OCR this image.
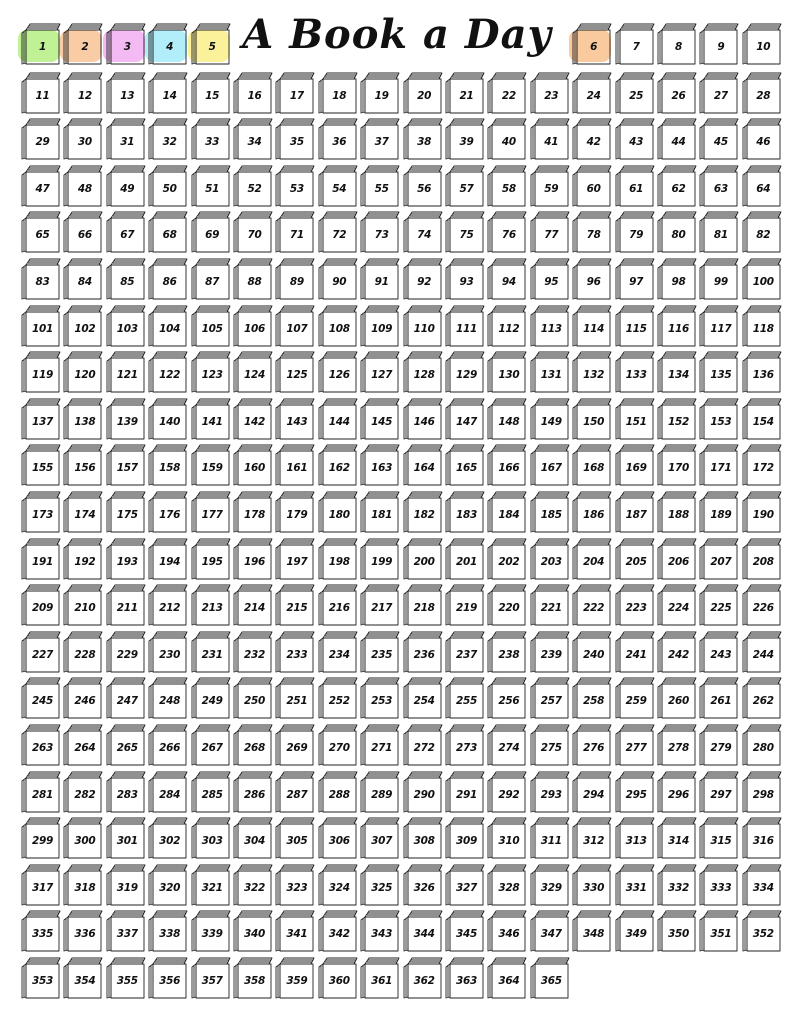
A Book a Day
1	2	3	4	5	6	7	8	9	10
11	12	13	14	15	16	17	18	19	20	21	22	23	24	25	26	27	28
29	30	31	32	33	34	35	36	37	38	39	40	41	42	43	44	45	46
47	48	49	50	51	52	53	54	55	56	57	58	59	60	61	62	63	64
65	66	67	68	69	70	71	72	73	74	75	76	77	78	79	80	81	82
83	84	85	86	87	88	89	90	91	92	93	94	95	96	97	98	99	100
101	102	103	104	105	106	107	108	109	110	111	112	113	114	115	116	117	118
119	120	121	122	123	124	125	126	127	128	129	130	131	132	133	134	135	136
137	138	139	140	141	142	143	144	145	146	147	148	149	150	151	152	153	154
155	156	157	158	159	160	161	162	163	164	165	166	167	168	169	170	171	172
173	174	175	176	177	178	179	180	181	182	183	184	185	186	187	188	189	190
191	192	193	194	195	196	197	198	199	200	201	202	203	204	205	206	207	208
209	210	211	212	213	214	215	216	217	218	219	220	221	222	223	224	225	226
227	228	229	230	231	232	233	234	235	236	237	238	239	240	241	242	243	244
245	246	247	248	249	250	251	252	253	254	255	256	257	258	259	260	261	262
263	264	265	266	267	268	269	270	271	272	273	274	275	276	277	278	279	280
281	282	283	284	285	286	287	288	289	290	291	292	293	294	295	296	297	298
299	300	301	302	303	304	305	306	307	308	309	310	311	312	313	314	315	316
317	318	319	320	321	322	323	324	325	326	327	328	329	330	331	332	333	334
335	336	337	338	339	340	341	342	343	344	345	346	347	348	349	350	351	352
353	354	355	356	357	358	359	360	361	362	363	364	365
